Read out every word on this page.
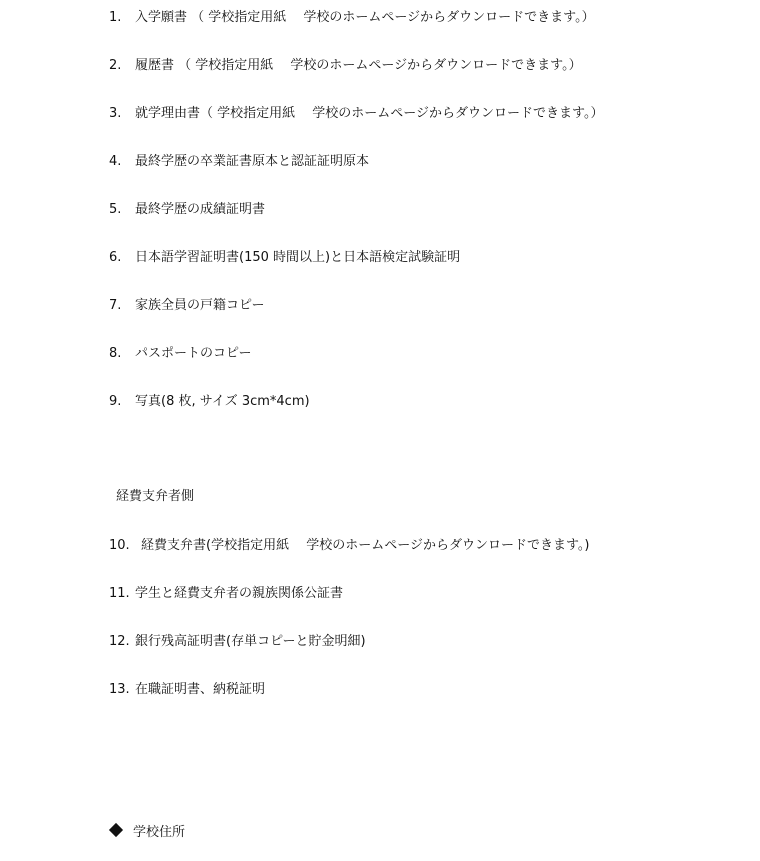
1. 入学願書 （ 学校指定用紙　 学校のホームページからダウンロードできます。）
2. 履歴書 （ 学校指定用紙　 学校のホームページからダウンロードできます。）
3. 就学理由書（ 学校指定用紙　 学校のホームページからダウンロードできます。）
4. 最終学歴の卒業証書原本と認証証明原本
5. 最終学歴の成績証明書
6. 日本語学習証明書(150 時間以上)と日本語検定試験証明
7. 家族全員の戸籍コピー
8. パスポートのコピー
9. 写真(8 枚, サイズ 3cm*4cm)
経費支弁者側
10. 経費支弁書(学校指定用紙　 学校のホームページからダウンロードできます。)
11. 学生と経費支弁者の親族関係公証書
12. 銀行残高証明書(存単コピーと貯金明細)
13. 在職証明書、納税証明
学校住所
